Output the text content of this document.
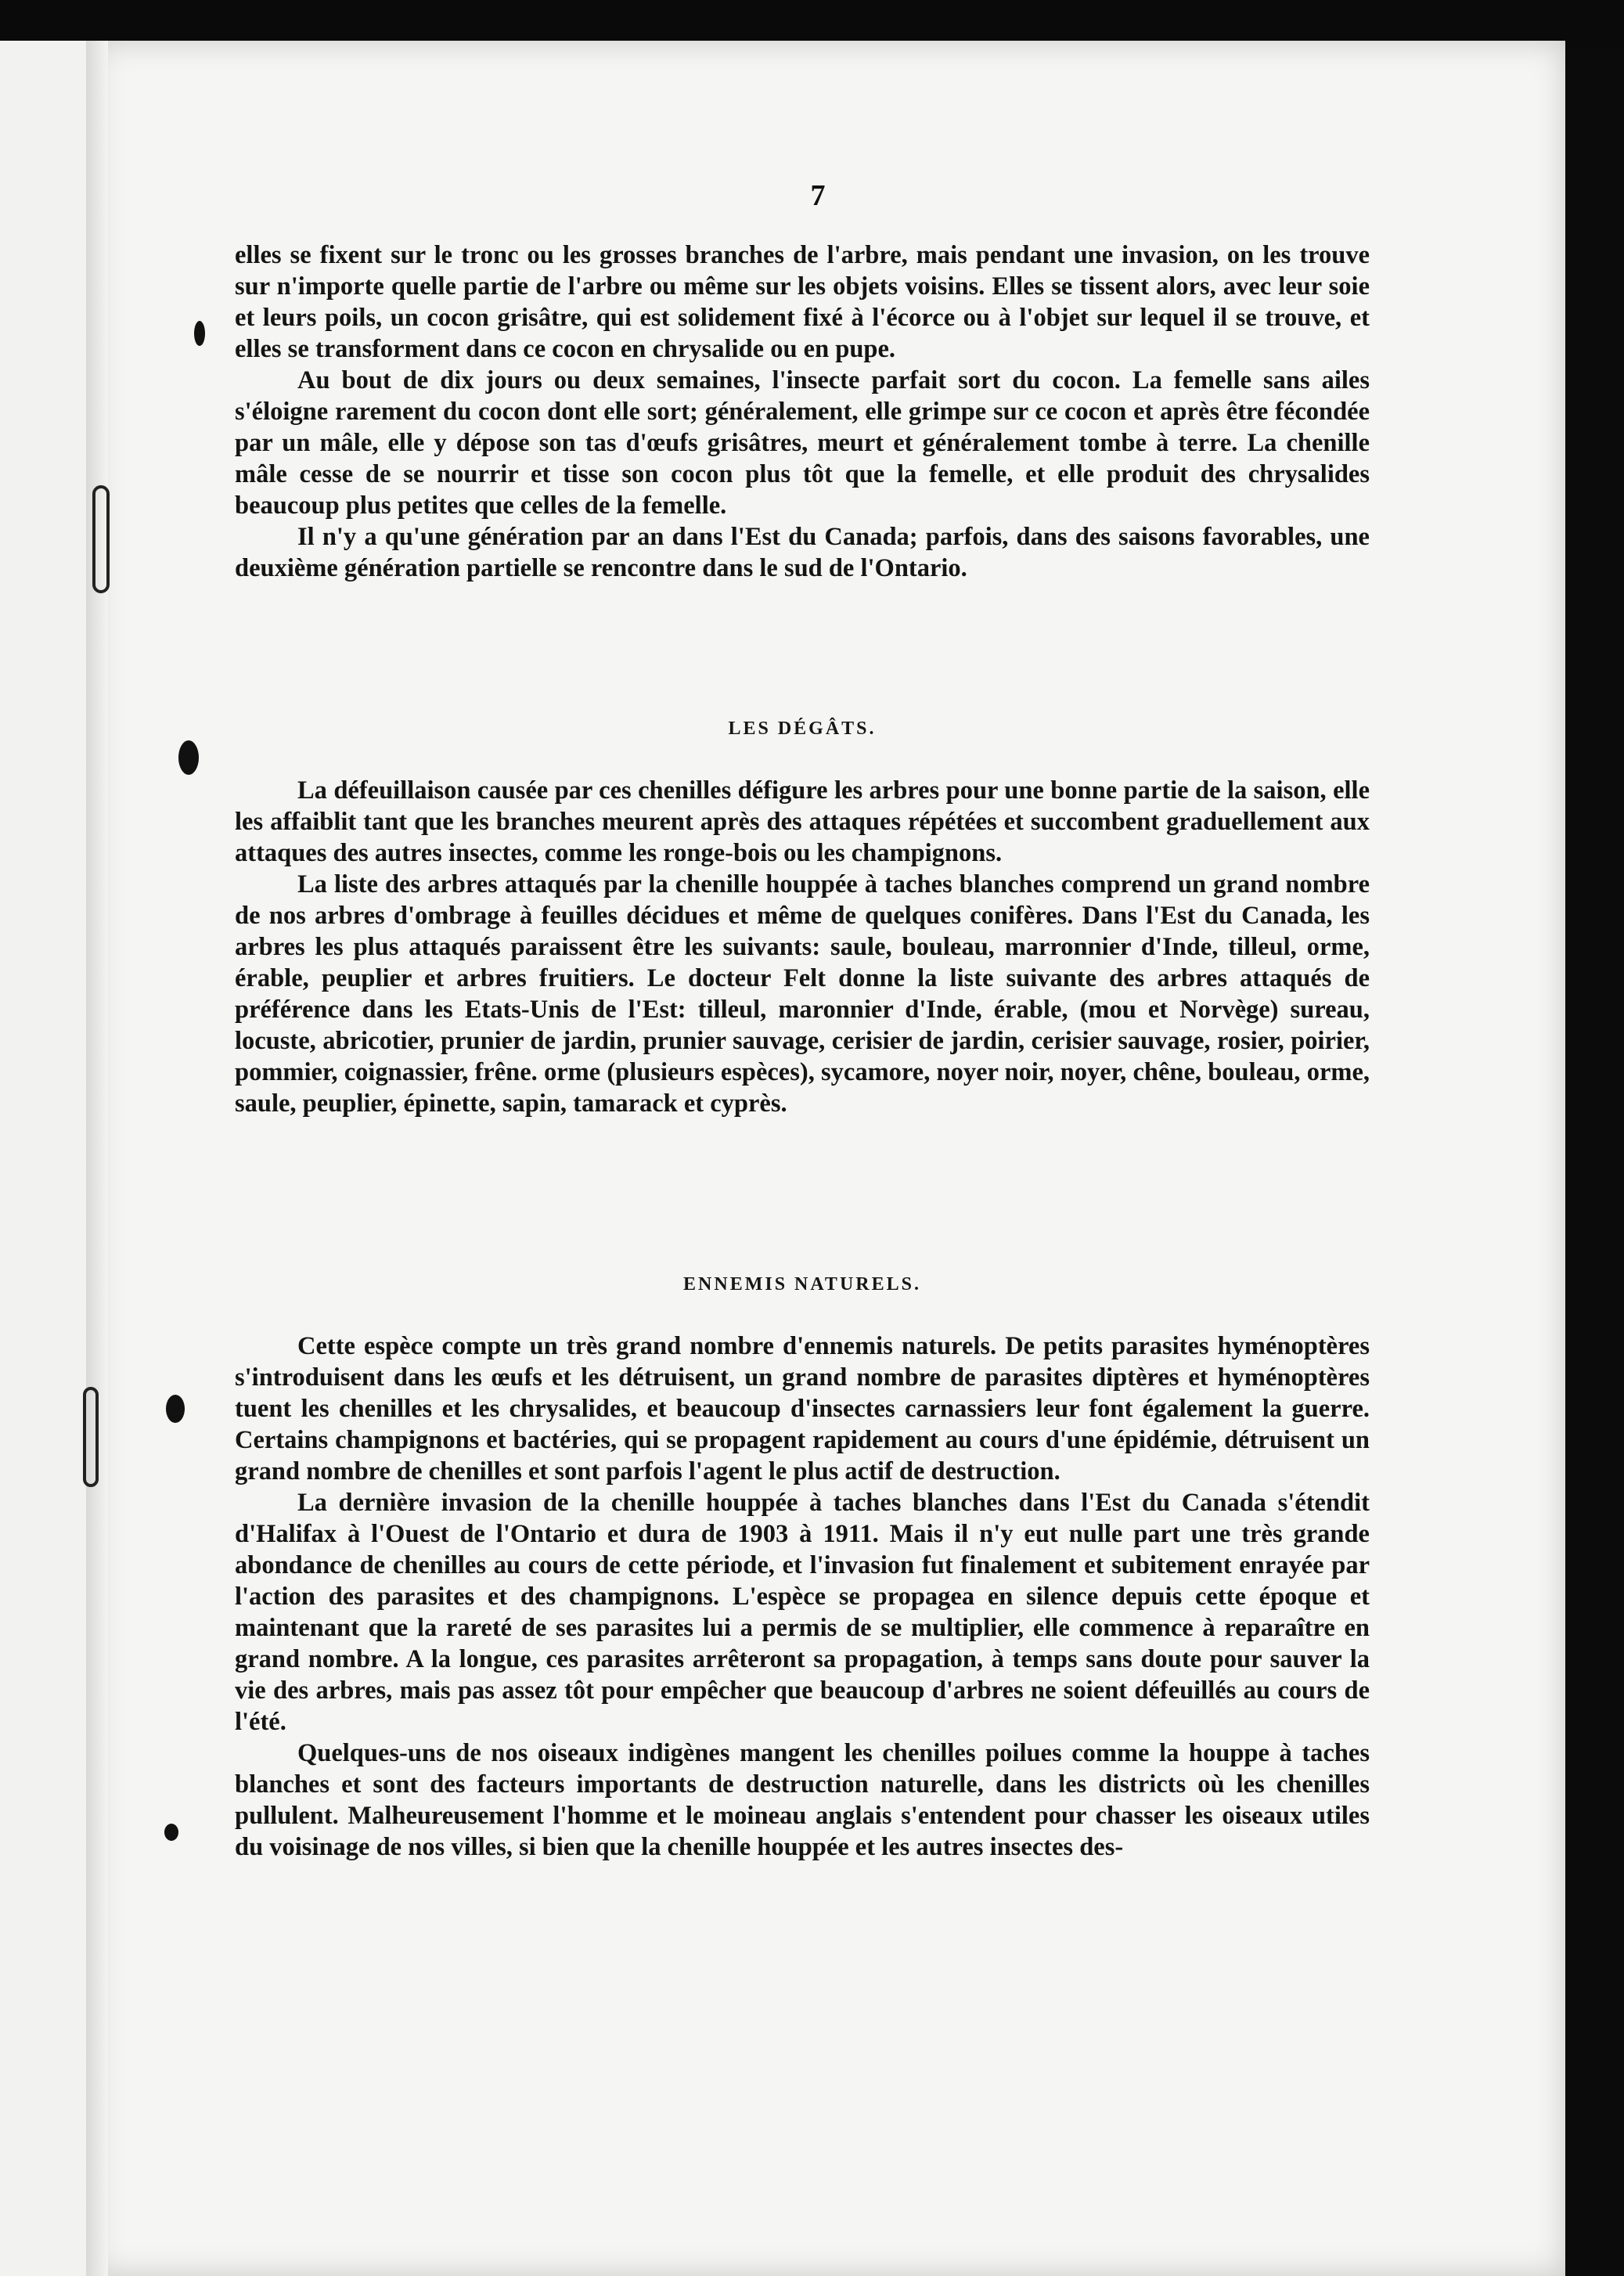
7

elles se fixent sur le tronc ou les grosses branches de l'arbre, mais pendant une invasion, on les trouve sur n'importe quelle partie de l'arbre ou même sur les objets voisins. Elles se tissent alors, avec leur soie et leurs poils, un cocon grisâtre, qui est solidement fixé à l'écorce ou à l'objet sur lequel il se trouve, et elles se transforment dans ce cocon en chrysalide ou en pupe.

Au bout de dix jours ou deux semaines, l'insecte parfait sort du cocon. La femelle sans ailes s'éloigne rarement du cocon dont elle sort; généralement, elle grimpe sur ce cocon et après être fécondée par un mâle, elle y dépose son tas d'œufs grisâtres, meurt et généralement tombe à terre. La chenille mâle cesse de se nourrir et tisse son cocon plus tôt que la femelle, et elle produit des chrysalides beaucoup plus petites que celles de la femelle.

Il n'y a qu'une génération par an dans l'Est du Canada; parfois, dans des saisons favorables, une deuxième génération partielle se rencontre dans le sud de l'Ontario.

LES DÉGÂTS.

La défeuillaison causée par ces chenilles défigure les arbres pour une bonne partie de la saison, elle les affaiblit tant que les branches meurent après des attaques répétées et succombent graduellement aux attaques des autres insectes, comme les ronge-bois ou les champignons.

La liste des arbres attaqués par la chenille houppée à taches blanches comprend un grand nombre de nos arbres d'ombrage à feuilles décidues et même de quelques conifères. Dans l'Est du Canada, les arbres les plus attaqués paraissent être les suivants: saule, bouleau, marronnier d'Inde, tilleul, orme, érable, peuplier et arbres fruitiers. Le docteur Felt donne la liste suivante des arbres attaqués de préférence dans les Etats-Unis de l'Est: tilleul, maronnier d'Inde, érable, (mou et Norvège) sureau, locuste, abricotier, prunier de jardin, prunier sauvage, cerisier de jardin, cerisier sauvage, rosier, poirier, pommier, coignassier, frêne. orme (plusieurs espèces), sycamore, noyer noir, noyer, chêne, bouleau, orme, saule, peuplier, épinette, sapin, tamarack et cyprès.

ENNEMIS NATURELS.

Cette espèce compte un très grand nombre d'ennemis naturels. De petits parasites hyménoptères s'introduisent dans les œufs et les détruisent, un grand nombre de parasites diptères et hyménoptères tuent les chenilles et les chrysalides, et beaucoup d'insectes carnassiers leur font également la guerre. Certains champignons et bactéries, qui se propagent rapidement au cours d'une épidémie, détruisent un grand nombre de chenilles et sont parfois l'agent le plus actif de destruction.

La dernière invasion de la chenille houppée à taches blanches dans l'Est du Canada s'étendit d'Halifax à l'Ouest de l'Ontario et dura de 1903 à 1911. Mais il n'y eut nulle part une très grande abondance de chenilles au cours de cette période, et l'invasion fut finalement et subitement enrayée par l'action des parasites et des champignons. L'espèce se propagea en silence depuis cette époque et maintenant que la rareté de ses parasites lui a permis de se multiplier, elle commence à reparaître en grand nombre. A la longue, ces parasites arrêteront sa propagation, à temps sans doute pour sauver la vie des arbres, mais pas assez tôt pour empêcher que beaucoup d'arbres ne soient défeuillés au cours de l'été.

Quelques-uns de nos oiseaux indigènes mangent les chenilles poilues comme la houppe à taches blanches et sont des facteurs importants de destruction naturelle, dans les districts où les chenilles pullulent. Malheureusement l'homme et le moineau anglais s'entendent pour chasser les oiseaux utiles du voisinage de nos villes, si bien que la chenille houppée et les autres insectes des-
